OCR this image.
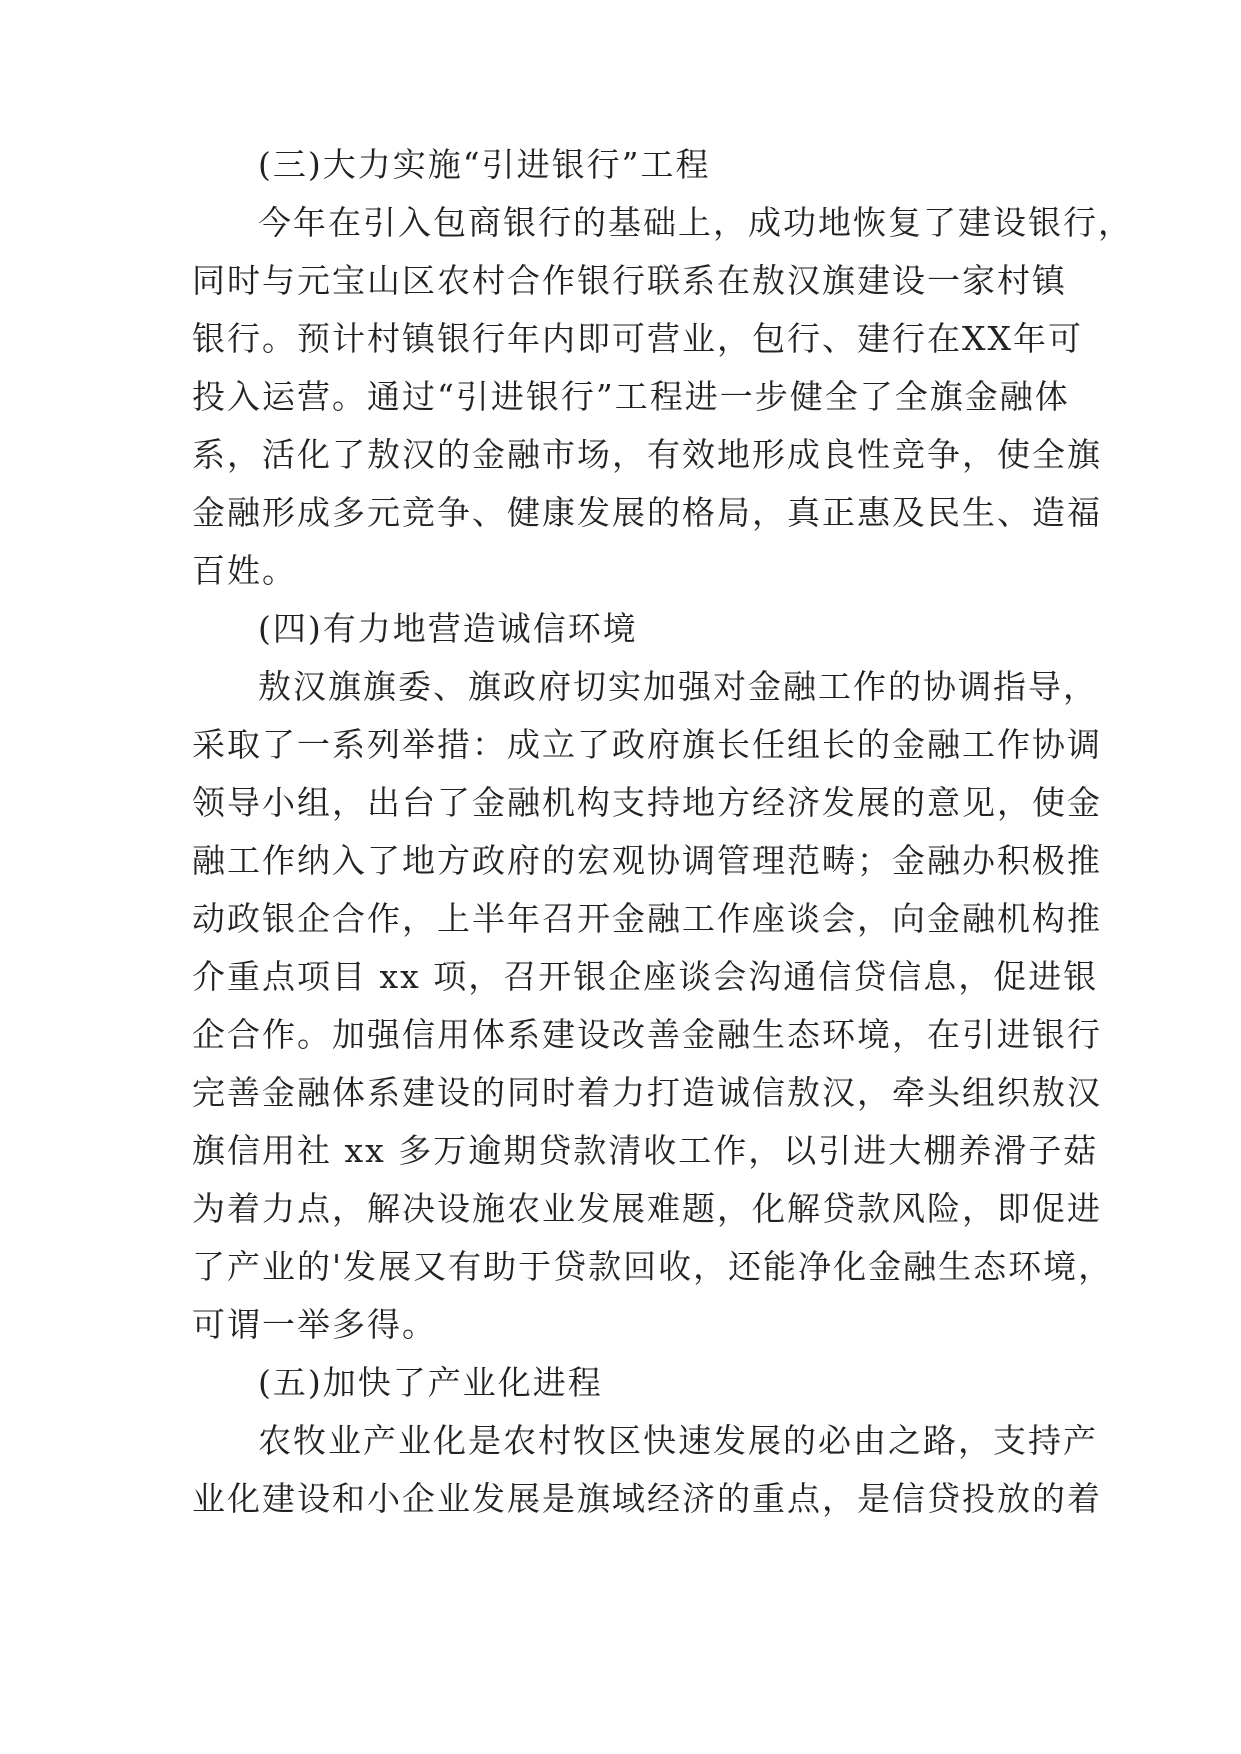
(三)大力实施“引进银行”工程
今年在引入包商银行的基础上，成功地恢复了建设银行，
同时与元宝山区农村合作银行联系在敖汉旗建设一家村镇
银行。预计村镇银行年内即可营业，包行、建行在XX年可
投入运营。通过“引进银行”工程进一步健全了全旗金融体
系，活化了敖汉的金融市场，有效地形成良性竞争，使全旗
金融形成多元竞争、健康发展的格局，真正惠及民生、造福
百姓。
(四)有力地营造诚信环境
敖汉旗旗委、旗政府切实加强对金融工作的协调指导，
采取了一系列举措：成立了政府旗长任组长的金融工作协调
领导小组，出台了金融机构支持地方经济发展的意见，使金
融工作纳入了地方政府的宏观协调管理范畴；金融办积极推
动政银企合作，上半年召开金融工作座谈会，向金融机构推
介重点项目 xx 项，召开银企座谈会沟通信贷信息，促进银
企合作。加强信用体系建设改善金融生态环境，在引进银行
完善金融体系建设的同时着力打造诚信敖汉，牵头组织敖汉
旗信用社 xx 多万逾期贷款清收工作，以引进大棚养滑子菇
为着力点，解决设施农业发展难题，化解贷款风险，即促进
了产业的'发展又有助于贷款回收，还能净化金融生态环境，
可谓一举多得。
(五)加快了产业化进程
农牧业产业化是农村牧区快速发展的必由之路，支持产
业化建设和小企业发展是旗域经济的重点，是信贷投放的着
